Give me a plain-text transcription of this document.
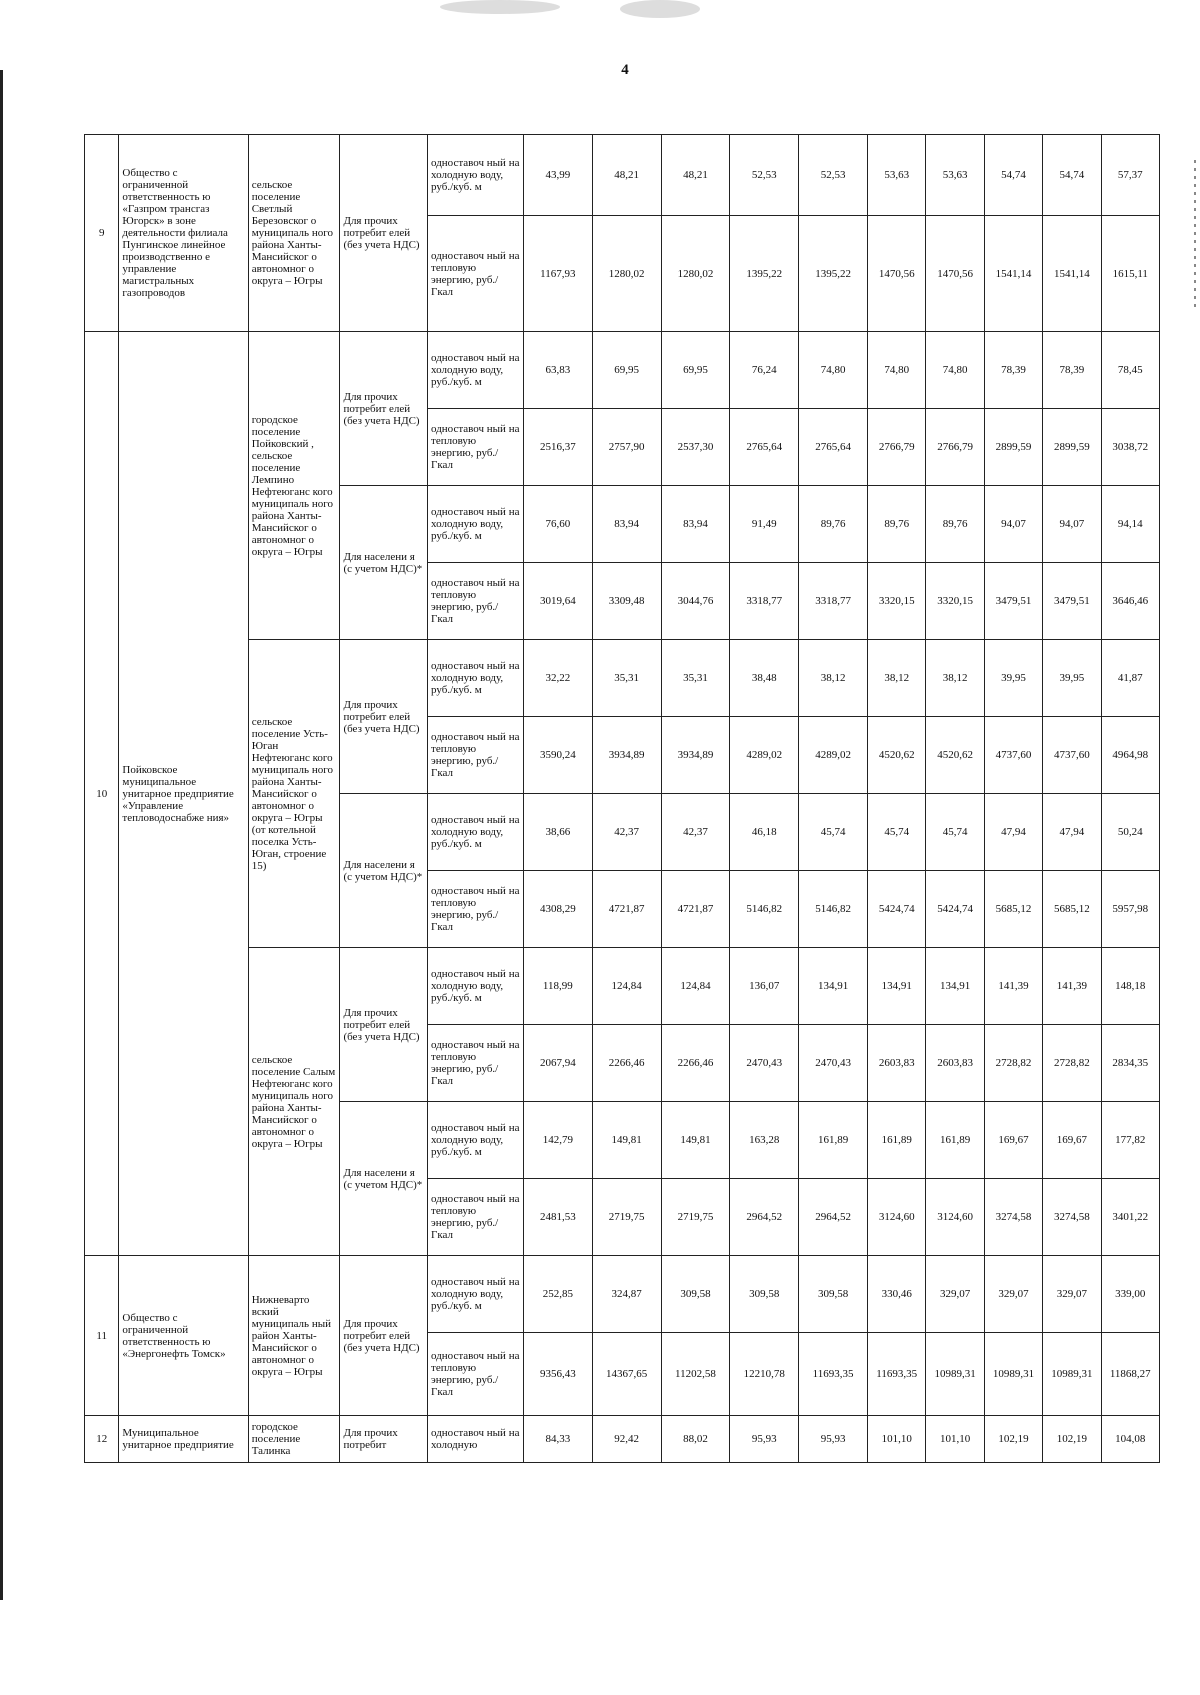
4
9	Общество с ограниченной ответственность ю «Газпром трансгаз Югорск» в зоне деятельности филиала Пунгинское линейное производственно е управление магистральных газопроводов	сельское поселение Светлый Березовског о муниципаль ного района Ханты-Мансийског о автономног о округа – Югры	Для прочих потребит елей (без учета НДС)	одноставоч ный на холодную воду, руб./куб. м	43,99	48,21	48,21	52,53	52,53	53,63	53,63	54,74	54,74	57,37
				одноставоч ный на тепловую энергию, руб./ Гкал	1167,93	1280,02	1280,02	1395,22	1395,22	1470,56	1470,56	1541,14	1541,14	1615,11
10	Пойковское муниципальное унитарное предприятие «Управление тепловодоснабже ния»	городское поселение Пойковский , сельское поселение Лемпино Нефтеюганс кого муниципаль ного района Ханты-Мансийског о автономног о округа – Югры	Для прочих потребит елей (без учета НДС)	одноставоч ный на холодную воду, руб./куб. м	63,83	69,95	69,95	76,24	74,80	74,80	74,80	78,39	78,39	78,45
				одноставоч ный на тепловую энергию, руб./ Гкал	2516,37	2757,90	2537,30	2765,64	2765,64	2766,79	2766,79	2899,59	2899,59	3038,72
			Для населени я (с учетом НДС)*	одноставоч ный на холодную воду, руб./куб. м	76,60	83,94	83,94	91,49	89,76	89,76	89,76	94,07	94,07	94,14
				одноставоч ный на тепловую энергию, руб./ Гкал	3019,64	3309,48	3044,76	3318,77	3318,77	3320,15	3320,15	3479,51	3479,51	3646,46
		сельское поселение Усть-Юган Нефтеюганс кого муниципаль ного района Ханты-Мансийског о автономног о округа – Югры (от котельной поселка Усть-Юган, строение 15)	Для прочих потребит елей (без учета НДС)	одноставоч ный на холодную воду, руб./куб. м	32,22	35,31	35,31	38,48	38,12	38,12	38,12	39,95	39,95	41,87
				одноставоч ный на тепловую энергию, руб./ Гкал	3590,24	3934,89	3934,89	4289,02	4289,02	4520,62	4520,62	4737,60	4737,60	4964,98
			Для населени я (с учетом НДС)*	одноставоч ный на холодную воду, руб./куб. м	38,66	42,37	42,37	46,18	45,74	45,74	45,74	47,94	47,94	50,24
				одноставоч ный на тепловую энергию, руб./ Гкал	4308,29	4721,87	4721,87	5146,82	5146,82	5424,74	5424,74	5685,12	5685,12	5957,98
		сельское поселение Салым Нефтеюганс кого муниципаль ного района Ханты-Мансийског о автономног о округа – Югры	Для прочих потребит елей (без учета НДС)	одноставоч ный на холодную воду, руб./куб. м	118,99	124,84	124,84	136,07	134,91	134,91	134,91	141,39	141,39	148,18
				одноставоч ный на тепловую энергию, руб./ Гкал	2067,94	2266,46	2266,46	2470,43	2470,43	2603,83	2603,83	2728,82	2728,82	2834,35
			Для населени я (с учетом НДС)*	одноставоч ный на холодную воду, руб./куб. м	142,79	149,81	149,81	163,28	161,89	161,89	161,89	169,67	169,67	177,82
				одноставоч ный на тепловую энергию, руб./ Гкал	2481,53	2719,75	2719,75	2964,52	2964,52	3124,60	3124,60	3274,58	3274,58	3401,22
11	Общество с ограниченной ответственность ю «Энергонефть Томск»	Нижневарто вский муниципаль ный район Ханты-Мансийског о автономног о округа – Югры	Для прочих потребит елей (без учета НДС)	одноставоч ный на холодную воду, руб./куб. м	252,85	324,87	309,58	309,58	309,58	330,46	329,07	329,07	329,07	339,00
				одноставоч ный на тепловую энергию, руб./ Гкал	9356,43	14367,65	11202,58	12210,78	11693,35	11693,35	10989,31	10989,31	10989,31	11868,27
12	Муниципальное унитарное предприятие	городское поселение Талинка	Для прочих потребит	одноставоч ный на холодную	84,33	92,42	88,02	95,93	95,93	101,10	101,10	102,19	102,19	104,08
